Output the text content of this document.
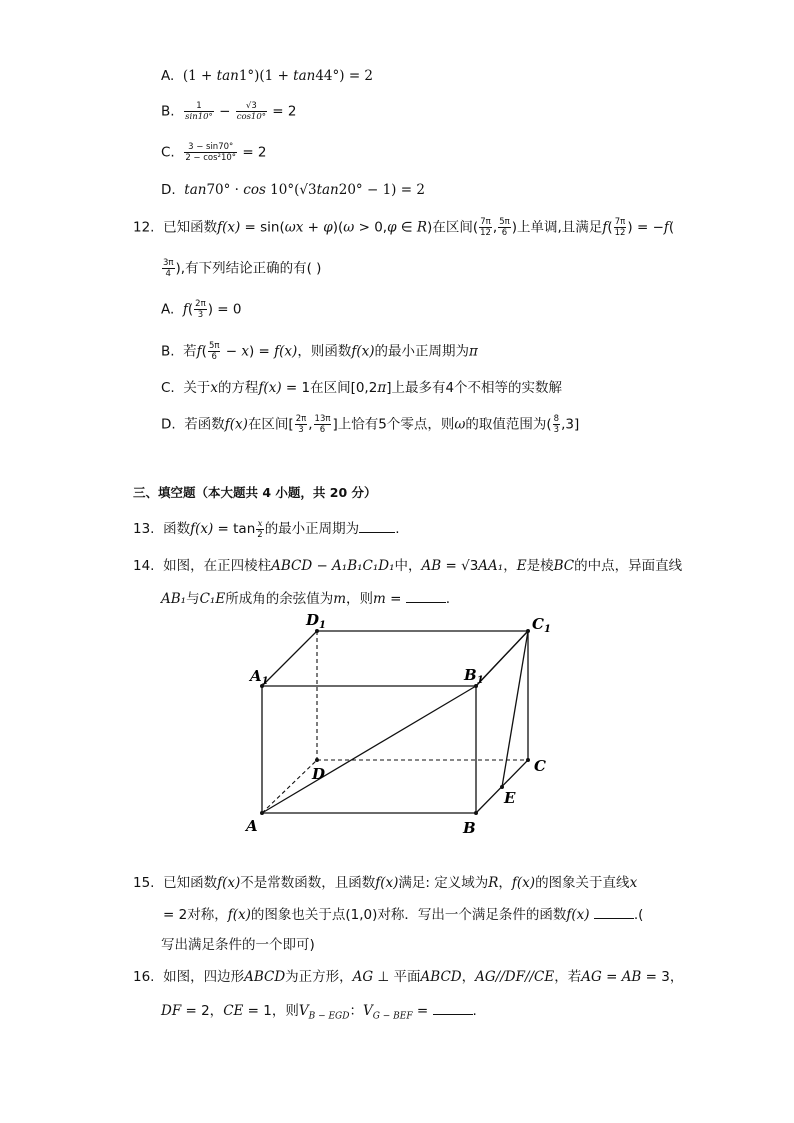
A. (1 + tan1°)(1 + tan44°) = 2
B. $\frac{1}{\sin 10^\circ} - \frac{√3}{\cos 10^\circ} = 2$
C. $\frac{3 - \sin 70^\circ}{\text{2 − cos²10°}} = 2$
D. tan70° · cos 10°(√3tan20° − 1) = 2
12. 已知函数f(x) = sin(ωx + φ)(ω > 0,φ ∈ R)在区间( $\frac{7\pi}{12}$ , $\frac{5\pi}{6}$ )上单调,且满足$f( \frac{7\pi}{12}$ ) = −f(
$\frac{3\pi}{4}$ ),有下列结论正确的有( )
A. $f( \frac{2\pi}{3}$ ) = 0
B. 若$f( \frac{5\pi}{6} - x) = f(x)$，则函数f(x)的最小正周期为π
C. 关于x的方程f(x) = 1在区间[0,2π]上最多有4个不相等的实数解
D. 若函数f(x)在区间[ $\frac{2\pi}{3}$ , $\frac{13\pi}{6}$ ]上恰有5个零点，则ω的取值范围为( $\frac{8}{3} ,3$]
三、填空题（本大题共 4 小题，共 20 分）
13. 函数$f(x) = \tan \frac{x}{2}$ 的最小正周期为	.
14. 如图，在正四棱柱ABCD − A₁B₁C₁D₁中，AB = √3AA₁，E是棱BC的中点，异面直线
AB₁与C₁E所成角的余弦值为m，则m =	.
$D_1$	$C_1$
$A_1$	$B_1$
D	C
E
A	B
15. 已知函数f(x)不是常数函数，且函数f(x)满足: 定义域为R，f(x)的图象关于直线x
= 2对称，f(x)的图象也关于点(1,0)对称．写出一个满足条件的函数f(x)	.(
写出满足条件的一个即可)
16. 如图，四边形ABCD为正方形，AG ⊥ 平面ABCD，AG//DF//CE，若AG = AB = 3，
DF = 2，CE = 1，则$V_{B - EGD}$：$V_{G - BEF}$ =	.
